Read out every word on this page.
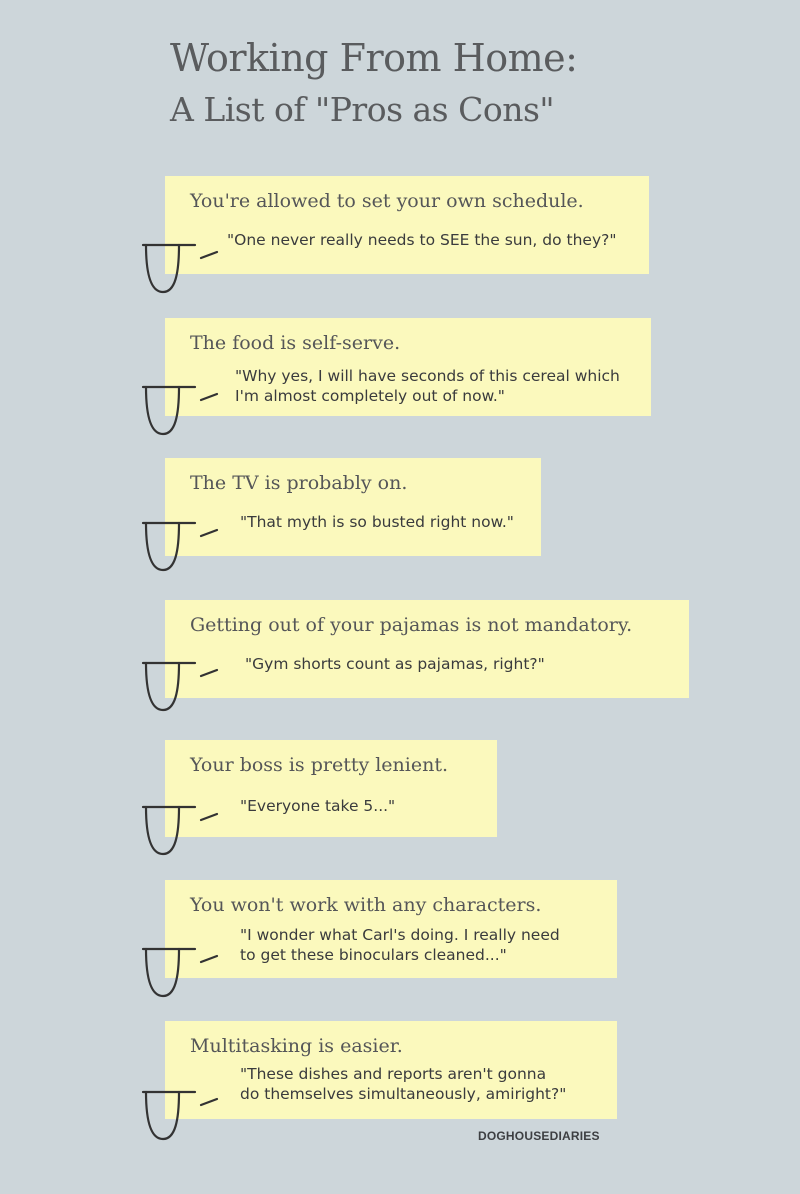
Working From Home:
A List of "Pros as Cons"
You're allowed to set your own schedule.
"One never really needs to SEE the sun, do they?"
The food is self-serve.
"Why yes, I will have seconds of this cereal which
I'm almost completely out of now."
The TV is probably on.
"That myth is so busted right now."
Getting out of your pajamas is not mandatory.
"Gym shorts count as pajamas, right?"
Your boss is pretty lenient.
"Everyone take 5..."
You won't work with any characters.
"I wonder what Carl's doing. I really need
to get these binoculars cleaned..."
Multitasking is easier.
"These dishes and reports aren't gonna
do themselves simultaneously, amiright?"
DOGHOUSEDIARIES
